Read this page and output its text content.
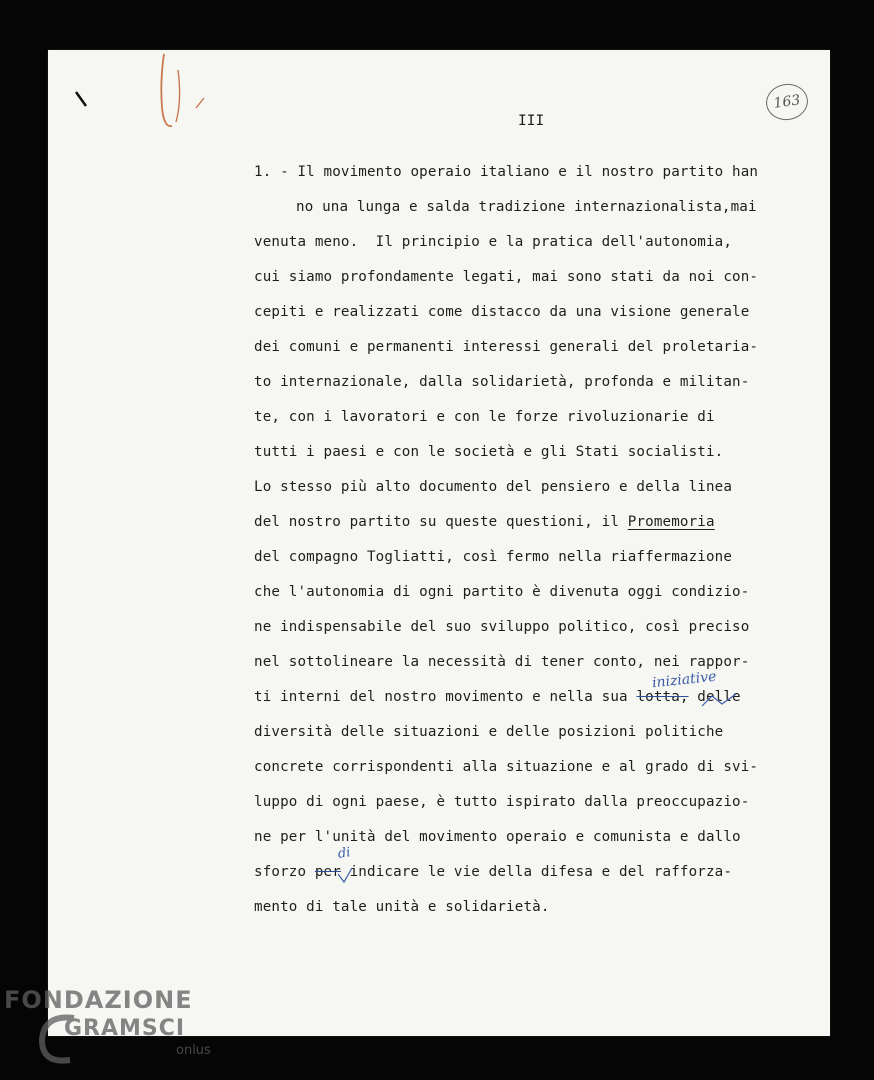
163
III
1. - Il movimento operaio italiano e il nostro partito han
no una lunga e salda tradizione internazionalista,mai
venuta meno.  Il principio e la pratica dell'autonomia,
cui siamo profondamente legati, mai sono stati da noi con-
cepiti e realizzati come distacco da una visione generale
dei comuni e permanenti interessi generali del proletaria-
to internazionale, dalla solidarietà, profonda e militan-
te, con i lavoratori e con le forze rivoluzionarie di
tutti i paesi e con le società e gli Stati socialisti.
Lo stesso più alto documento del pensiero e della linea
del nostro partito su queste questioni, il Promemoria
del compagno Togliatti, così fermo nella riaffermazione
che l'autonomia di ogni partito è divenuta oggi condizio-
ne indispensabile del suo sviluppo politico, così preciso
nel sottolineare la necessità di tener conto, nei rappor-
ti interni del nostro movimento e nella sua lotta, delle
diversità delle situazioni e delle posizioni politiche
concrete corrispondenti alla situazione e al grado di svi-
luppo di ogni paese, è tutto ispirato dalla preoccupazio-
ne per l'unità del movimento operaio e comunista e dallo
sforzo per indicare le vie della difesa e del rafforza-
mento di tale unità e solidarietà.
iniziative
di
FONDAZIONE
GRAMSCI
onlus
